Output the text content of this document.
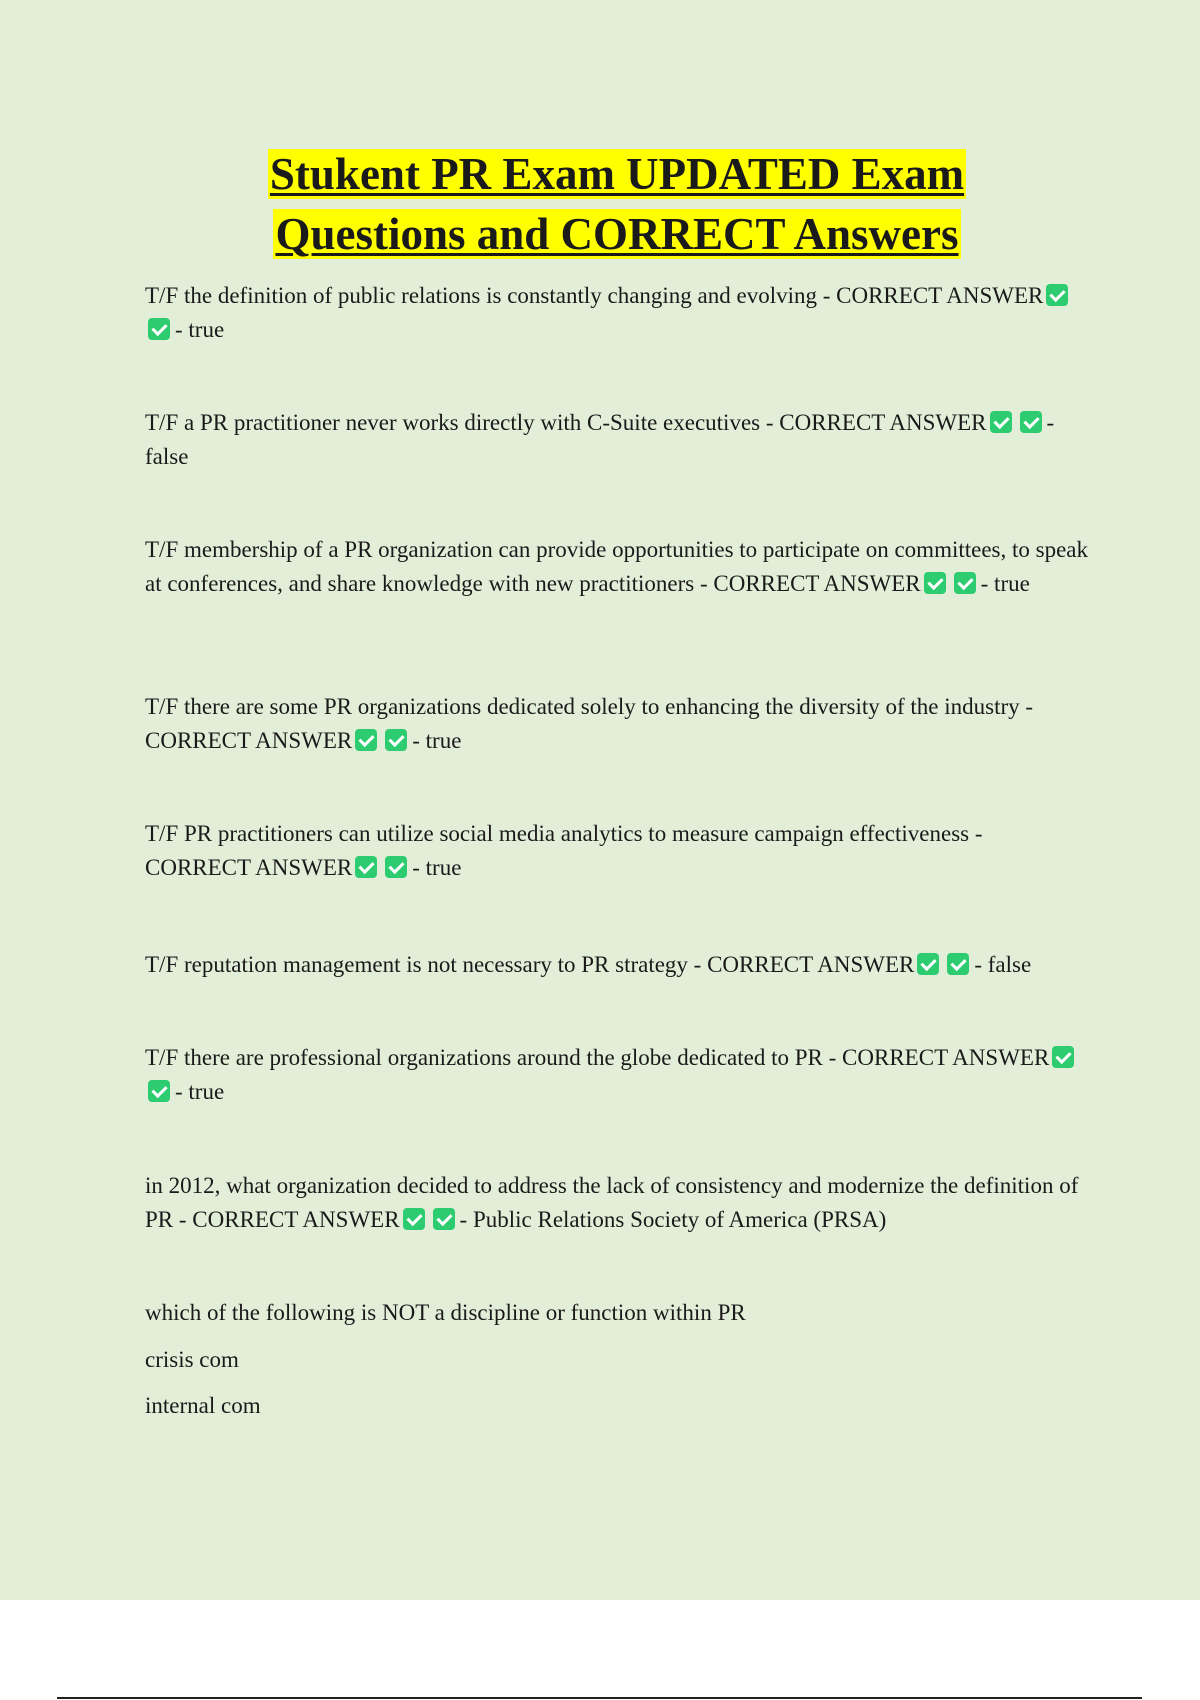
Stukent PR Exam UPDATED Exam
Questions and CORRECT Answers

T/F the definition of public relations is constantly changing and evolving - CORRECT ANSWER- true

T/F a PR practitioner never works directly with C-Suite executives - CORRECT ANSWER	- false

T/F membership of a PR organization can provide opportunities to participate on committees, to speak at conferences, and share knowledge with new practitioners - CORRECT ANSWER	- true

T/F there are some PR organizations dedicated solely to enhancing the diversity of the industry - CORRECT ANSWER	- true

T/F PR practitioners can utilize social media analytics to measure campaign effectiveness - CORRECT ANSWER	- true

T/F reputation management is not necessary to PR strategy - CORRECT ANSWER	- false

T/F there are professional organizations around the globe dedicated to PR - CORRECT ANSWER- true

in 2012, what organization decided to address the lack of consistency and modernize the definition of PR - CORRECT ANSWER	- Public Relations Society of America (PRSA)

which of the following is NOT a discipline or function within PR

crisis com

internal com
